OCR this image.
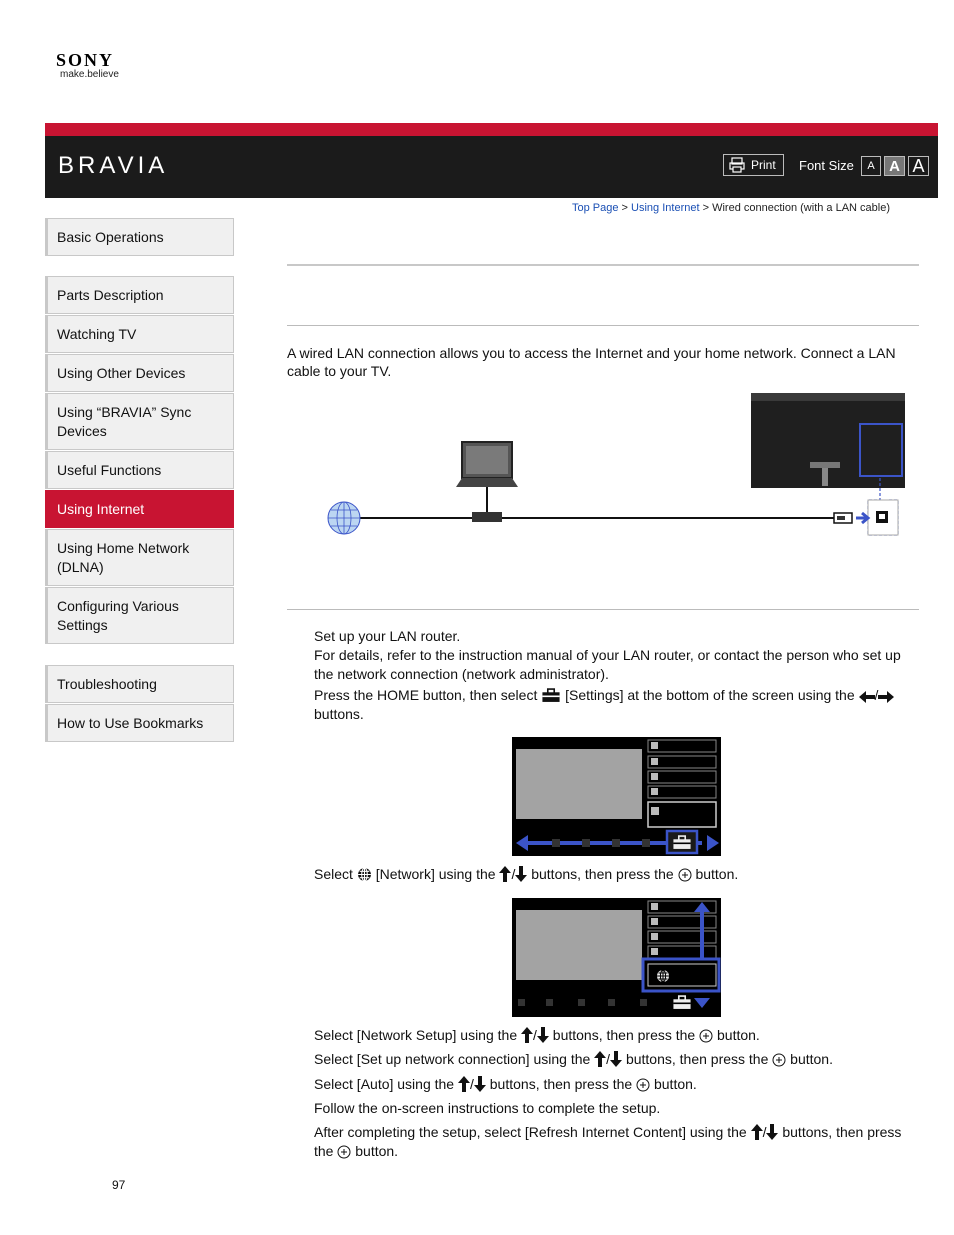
SONY
make.believe
BRAVIA	Print Font Size	A A A
Top Page > Using Internet > Wired connection (with a LAN cable)
Basic Operations
Parts Description
Watching TV
Using Other Devices
Using “BRAVIA” Sync Devices
Useful Functions
Using Internet
Using Home Network (DLNA)
Configuring Various Settings
Troubleshooting
How to Use Bookmarks
A wired LAN connection allows you to access the Internet and your home network. Connect a LAN cable to your TV.
Set up your LAN router.
For details, refer to the instruction manual of your LAN router, or contact the person who set up the network connection (network administrator).
Press the HOME button, then select [Settings] at the bottom of the screen using the / buttons.
Select [Network] using the / buttons, then press the button.
Select [Network Setup] using the / buttons, then press the button.
Select [Set up network connection] using the / buttons, then press the button.
Select [Auto] using the / buttons, then press the button.
Follow the on-screen instructions to complete the setup.
After completing the setup, select [Refresh Internet Content] using the / buttons, then press the button.
97
